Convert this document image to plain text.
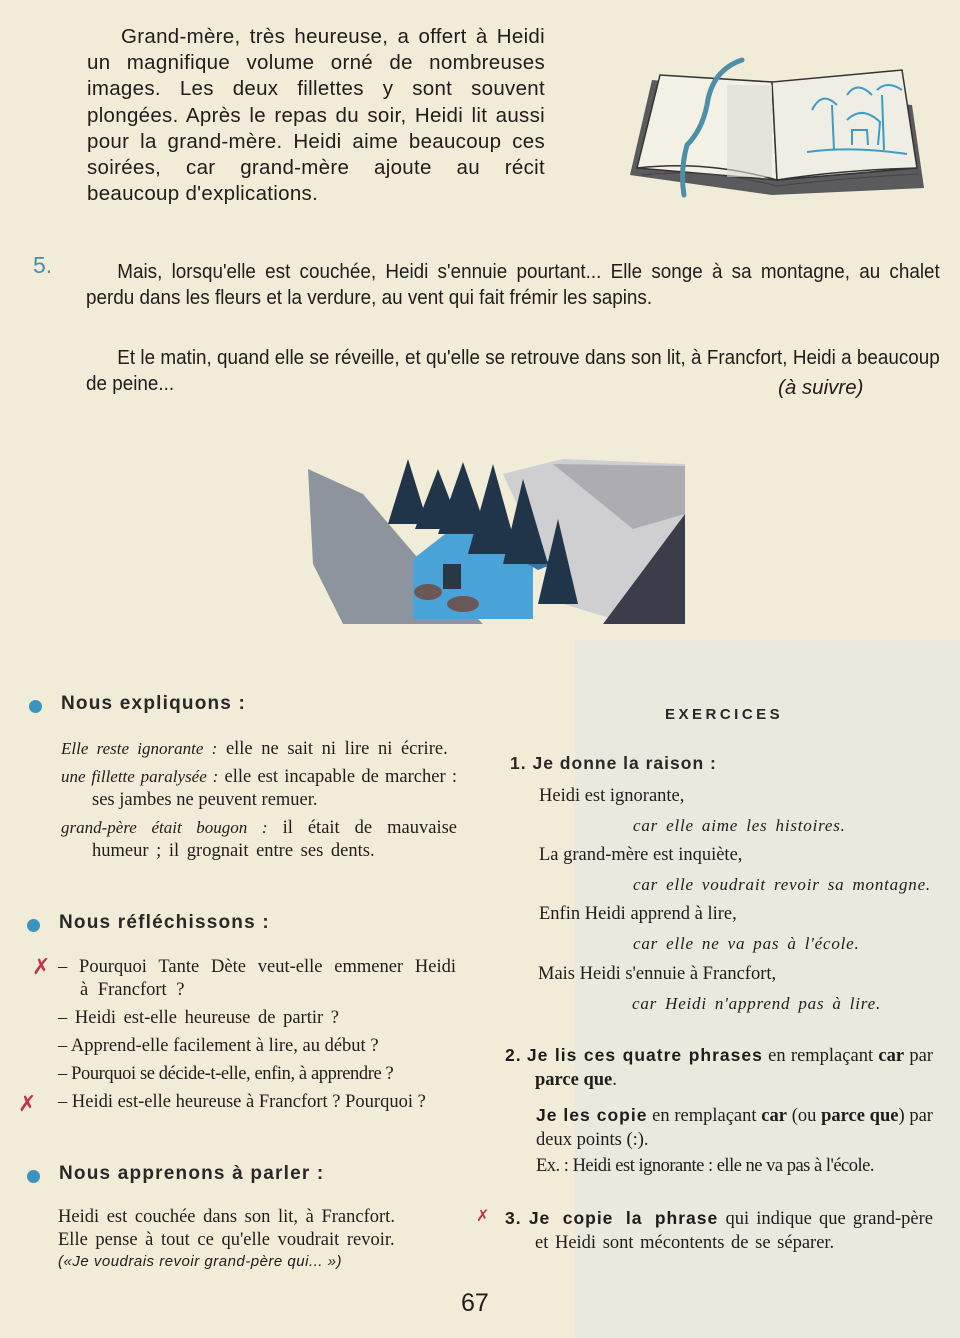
Grand-mère, très heureuse, a offert à Heidi un magnifique volume orné de nombreuses images. Les deux fillettes y sont souvent plongées. Après le repas du soir, Heidi lit aussi pour la grand-mère. Heidi aime beaucoup ces soirées, car grand-mère ajoute au récit beaucoup d'explications.
5.	Mais, lorsqu'elle est couchée, Heidi s'ennuie pourtant... Elle songe à sa montagne, au chalet perdu dans les fleurs et la verdure, au vent qui fait frémir les sapins.
Et le matin, quand elle se réveille, et qu'elle se retrouve dans son lit, à Francfort, Heidi a beaucoup de peine...	(à suivre)
Nous expliquons :
Elle reste ignorante : elle ne sait ni lire ni écrire.
une fillette paralysée : elle est incapable de marcher : ses jambes ne peuvent remuer.
grand-père était bougon : il était de mauvaise humeur ; il grognait entre ses dents.
Nous réfléchissons :
✗
✗
– Pourquoi Tante Dète veut-elle emmener Heidi à Francfort ?
– Heidi est-elle heureuse de partir ?
– Apprend-elle facilement à lire, au début ?
– Pourquoi se décide-t-elle, enfin, à apprendre ?
– Heidi est-elle heureuse à Francfort ? Pourquoi ?
Nous apprenons à parler :
Heidi est couchée dans son lit, à Francfort.
Elle pense à tout ce qu'elle voudrait revoir.
(«Je voudrais revoir grand-père qui... »)
EXERCICES
1. Je donne la raison :
Heidi est ignorante,
car elle aime les histoires.
La grand-mère est inquiète,
car elle voudrait revoir sa montagne.
Enfin Heidi apprend à lire,
car elle ne va pas à l'école.
Mais Heidi s'ennuie à Francfort,
car Heidi n'apprend pas à lire.
2. Je lis ces quatre phrases en remplaçant car par parce que.
Je les copie en remplaçant car (ou parce que) par deux points (:).
Ex. : Heidi est ignorante : elle ne va pas à l'école.
✗ 3. Je copie la phrase qui indique que grand-père et Heidi sont mécontents de se séparer.
67
